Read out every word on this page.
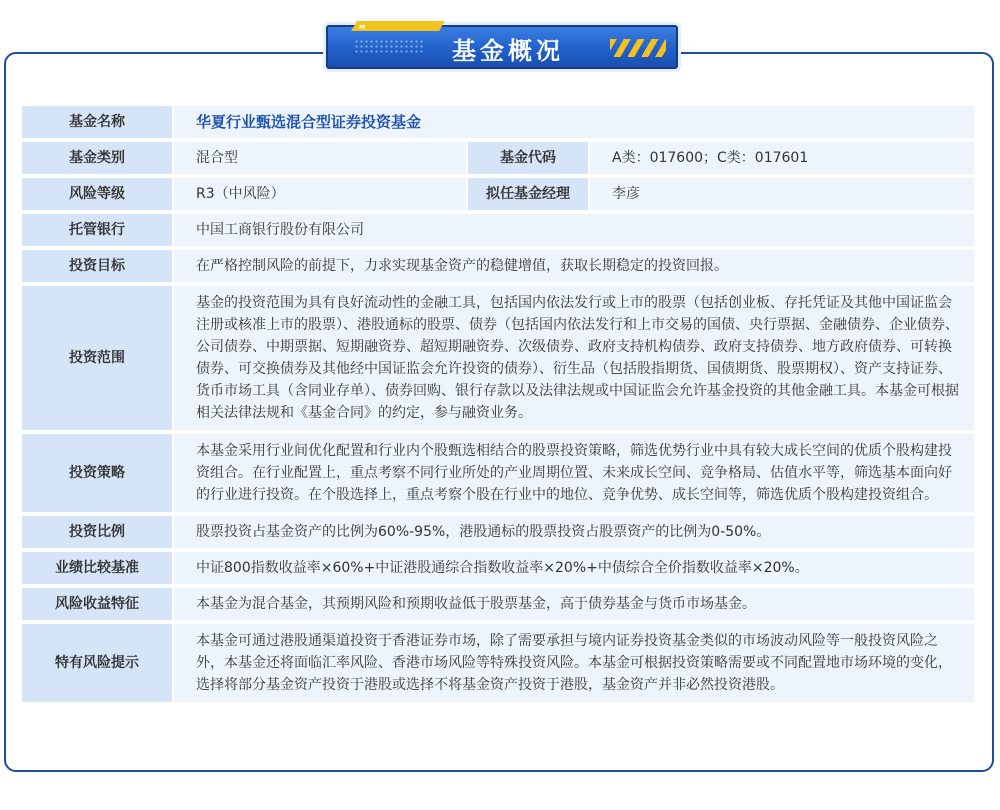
”
基金概况
基金名称	华夏行业甄选混合型证券投资基金		
基金类别	混合型	基金代码	A类：017600；C类：017601
风险等级	R3（中风险）	拟任基金经理	李彦
托管银行	中国工商银行股份有限公司		
投资目标	在严格控制风险的前提下，力求实现基金资产的稳健增值，获取长期稳定的投资回报。		
投资范围	基金的投资范围为具有良好流动性的金融工具，包括国内依法发行或上市的股票（包括创业板、存托凭证及其他中国证监会注册或核准上市的股票）、港股通标的股票、债券（包括国内依法发行和上市交易的国债、央行票据、金融债券、企业债券、公司债券、中期票据、短期融资券、超短期融资券、次级债券、政府支持机构债券、政府支持债券、地方政府债券、可转换债券、可交换债券及其他经中国证监会允许投资的债券）、衍生品（包括股指期货、国债期货、股票期权）、资产支持证券、货币市场工具（含同业存单）、债券回购、银行存款以及法律法规或中国证监会允许基金投资的其他金融工具。本基金可根据相关法律法规和《基金合同》的约定，参与融资业务。		
投资策略	本基金采用行业间优化配置和行业内个股甄选相结合的股票投资策略，筛选优势行业中具有较大成长空间的优质个股构建投资组合。在行业配置上，重点考察不同行业所处的产业周期位置、未来成长空间、竞争格局、估值水平等，筛选基本面向好的行业进行投资。在个股选择上，重点考察个股在行业中的地位、竞争优势、成长空间等，筛选优质个股构建投资组合。		
投资比例	股票投资占基金资产的比例为60%-95%，港股通标的股票投资占股票资产的比例为0-50%。		
业绩比较基准	中证800指数收益率×60%+中证港股通综合指数收益率×20%+中债综合全价指数收益率×20%。		
风险收益特征	本基金为混合基金，其预期风险和预期收益低于股票基金，高于债券基金与货币市场基金。		
特有风险提示	本基金可通过港股通渠道投资于香港证券市场，除了需要承担与境内证券投资基金类似的市场波动风险等一般投资风险之外，本基金还将面临汇率风险、香港市场风险等特殊投资风险。本基金可根据投资策略需要或不同配置地市场环境的变化，选择将部分基金资产投资于港股或选择不将基金资产投资于港股，基金资产并非必然投资港股。		
